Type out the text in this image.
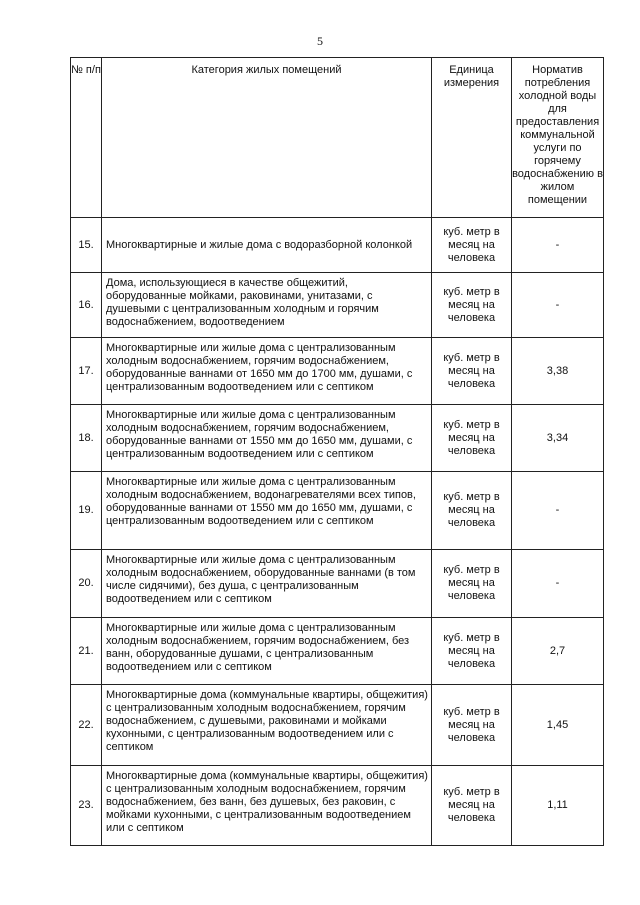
5
№ п/п	Категория жилых помещений	Единица измерения	Норматив потребления холодной воды для предоставления коммунальной услуги по горячему водоснабжению в жилом помещении
15.	Многоквартирные и жилые дома с водоразборной колонкой	куб. метр в месяц на человека	-
16.	Дома, использующиеся в качестве общежитий, оборудованные мойками, раковинами, унитазами, с душевыми с централизованным холодным и горячим водоснабжением, водоотведением	куб. метр в месяц на человека	-
17.	Многоквартирные или жилые дома с централизованным холодным водоснабжением, горячим водоснабжением, оборудованные ваннами от 1650 мм до 1700 мм, душами, с централизованным водоотведением или с септиком	куб. метр в месяц на человека	3,38
18.	Многоквартирные или жилые дома с централизованным холодным водоснабжением, горячим водоснабжением, оборудованные ваннами от 1550 мм до 1650 мм, душами, с централизованным водоотведением или с септиком	куб. метр в месяц на человека	3,34
19.	Многоквартирные или жилые дома с централизованным холодным водоснабжением, водонагревателями всех типов, оборудованные ваннами от 1550 мм до 1650 мм, душами, с централизованным водоотведением или с септиком	куб. метр в месяц на человека	-
20.	Многоквартирные или жилые дома с централизованным холодным водоснабжением, оборудованные ваннами (в том числе сидячими), без душа, с централизованным водоотведением или с септиком	куб. метр в месяц на человека	-
21.	Многоквартирные или жилые дома с централизованным холодным водоснабжением, горячим водоснабжением, без ванн, оборудованные душами, с централизованным водоотведением или с септиком	куб. метр в месяц на человека	2,7
22.	Многоквартирные дома (коммунальные квартиры, общежития) с централизованным холодным водоснабжением, горячим водоснабжением, с душевыми, раковинами и мойками кухонными, с централизованным водоотведением или с септиком	куб. метр в месяц на человека	1,45
23.	Многоквартирные дома (коммунальные квартиры, общежития) с централизованным холодным водоснабжением, горячим водоснабжением, без ванн, без душевых, без раковин, с мойками кухонными, с централизованным водоотведением или с септиком	куб. метр в месяц на человека	1,11
